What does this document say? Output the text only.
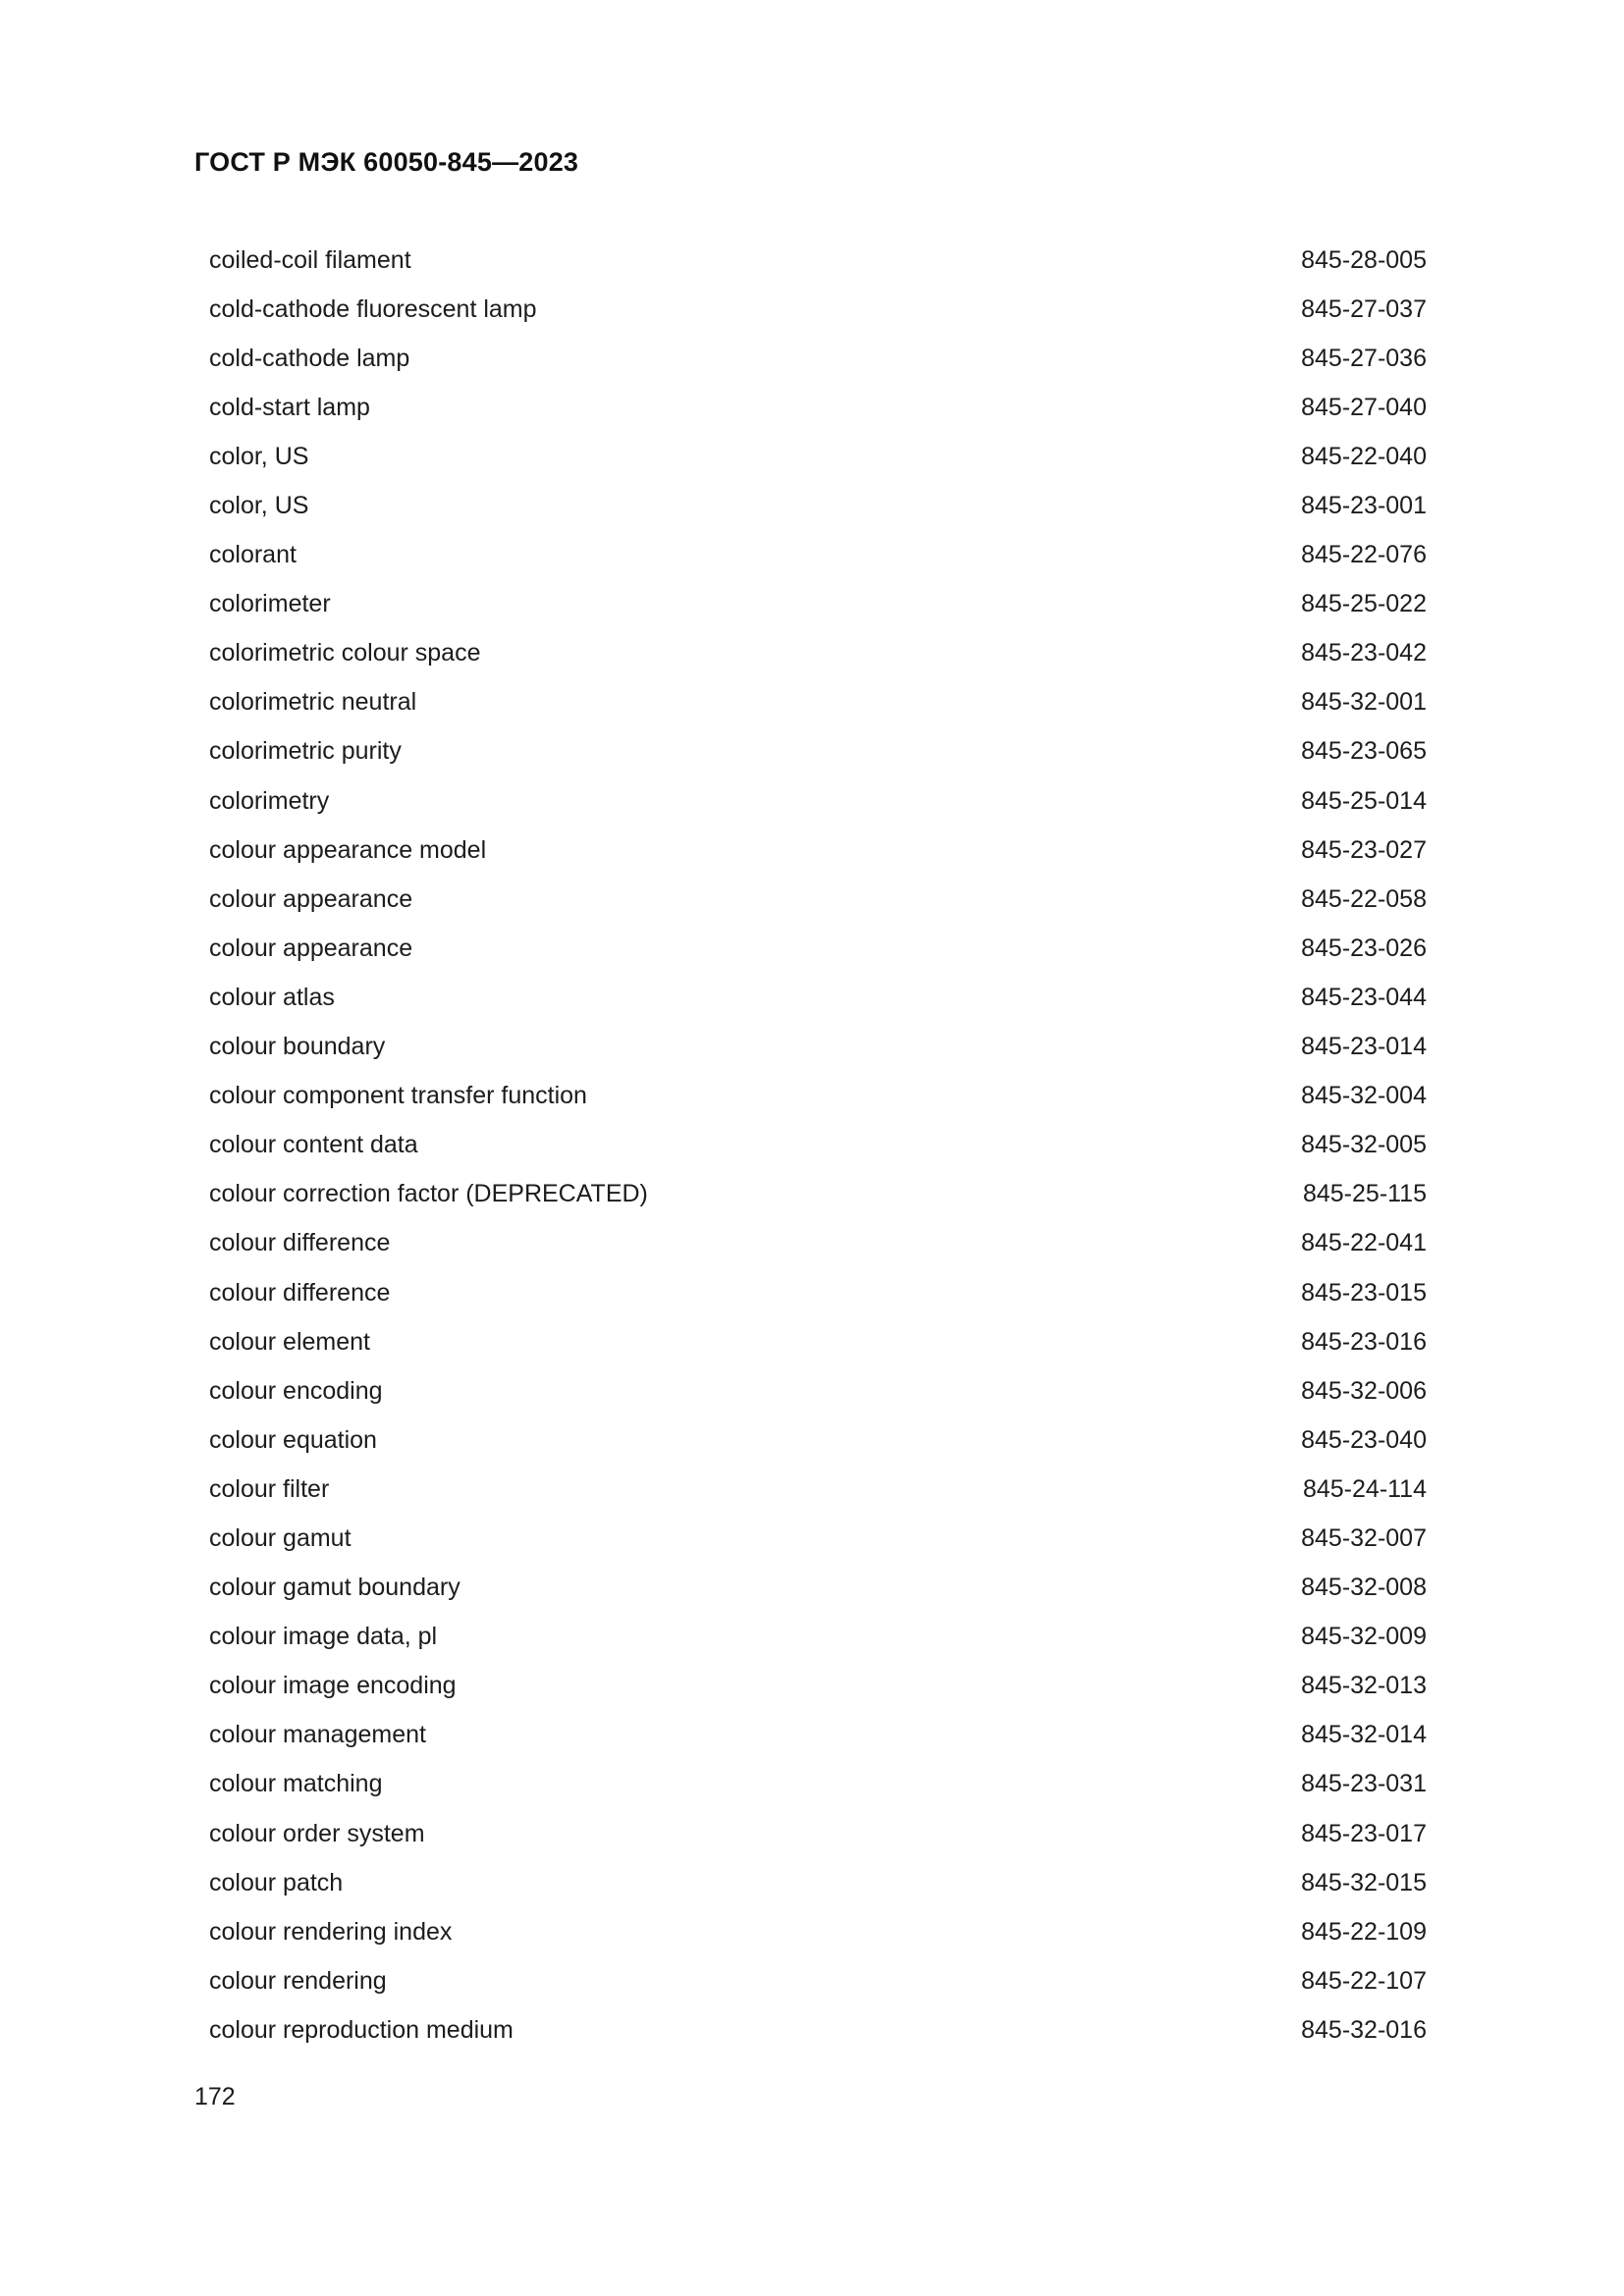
ГОСТ Р МЭК 60050-845—2023
coiled-coil filament	845-28-005
cold-cathode fluorescent lamp	845-27-037
cold-cathode lamp	845-27-036
cold-start lamp	845-27-040
color, US	845-22-040
color, US	845-23-001
colorant	845-22-076
colorimeter	845-25-022
colorimetric colour space	845-23-042
colorimetric neutral	845-32-001
colorimetric purity	845-23-065
colorimetry	845-25-014
colour appearance model	845-23-027
colour appearance	845-22-058
colour appearance	845-23-026
colour atlas	845-23-044
colour boundary	845-23-014
colour component transfer function	845-32-004
colour content data	845-32-005
colour correction factor (DEPRECATED)	845-25-115
colour difference	845-22-041
colour difference	845-23-015
colour element	845-23-016
colour encoding	845-32-006
colour equation	845-23-040
colour filter	845-24-114
colour gamut	845-32-007
colour gamut boundary	845-32-008
colour image data, pl	845-32-009
colour image encoding	845-32-013
colour management	845-32-014
colour matching	845-23-031
colour order system	845-23-017
colour patch	845-32-015
colour rendering index	845-22-109
colour rendering	845-22-107
colour reproduction medium	845-32-016
172
